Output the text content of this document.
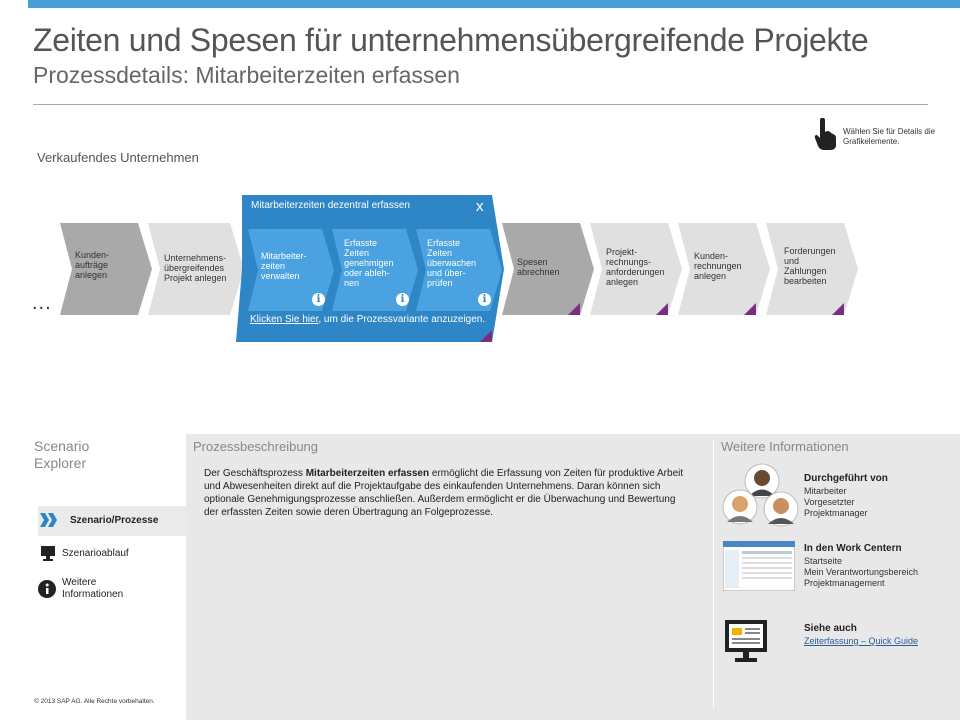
Zeiten und Spesen für unternehmensübergreifende Projekte
Prozessdetails: Mitarbeiterzeiten erfassen
Verkaufendes Unternehmen
Wählen Sie für Details die Grafikelemente.
...
Kunden-
aufträge
anlegen
Unternehmens-
übergreifendes
Projekt anlegen
Mitarbeiterzeiten dezentral erfassen	x
Mitarbeiter-
zeiten
verwalten
i
Erfasste
Zeiten
genehmigen
oder ableh-
nen
i
Erfasste
Zeiten
überwachen
und über-
prüfen
i
Klicken Sie hier, um die Prozessvariante anzuzeigen.
Spesen
abrechnen
Projekt-
rechnungs-
anforderungen
anlegen
Kunden-
rechnungen
anlegen
Forderungen
und
Zahlungen
bearbeiten
Scenario
Explorer
Szenario/Prozesse
Szenarioablauf
Weitere
Informationen
Prozessbeschreibung
Der Geschäftsprozess Mitarbeiterzeiten erfassen ermöglicht die Erfassung von Zeiten für produktive Arbeit und Abwesenheiten direkt auf die Projektaufgabe des einkaufenden Unternehmens. Daran können sich optionale Genehmigungsprozesse anschließen. Außerdem ermöglicht er die Überwachung und Bewertung der erfassten Zeiten sowie deren Übertragung an Folgeprozesse.
Weitere Informationen
Durchgeführt von
Mitarbeiter
Vorgesetzter
Projektmanager
In den Work Centern
Startseite
Mein Verantwortungsbereich
Projektmanagement
Siehe auch
Zeiterfassung – Quick Guide
© 2013 SAP AG. Alle Rechte vorbehalten.
